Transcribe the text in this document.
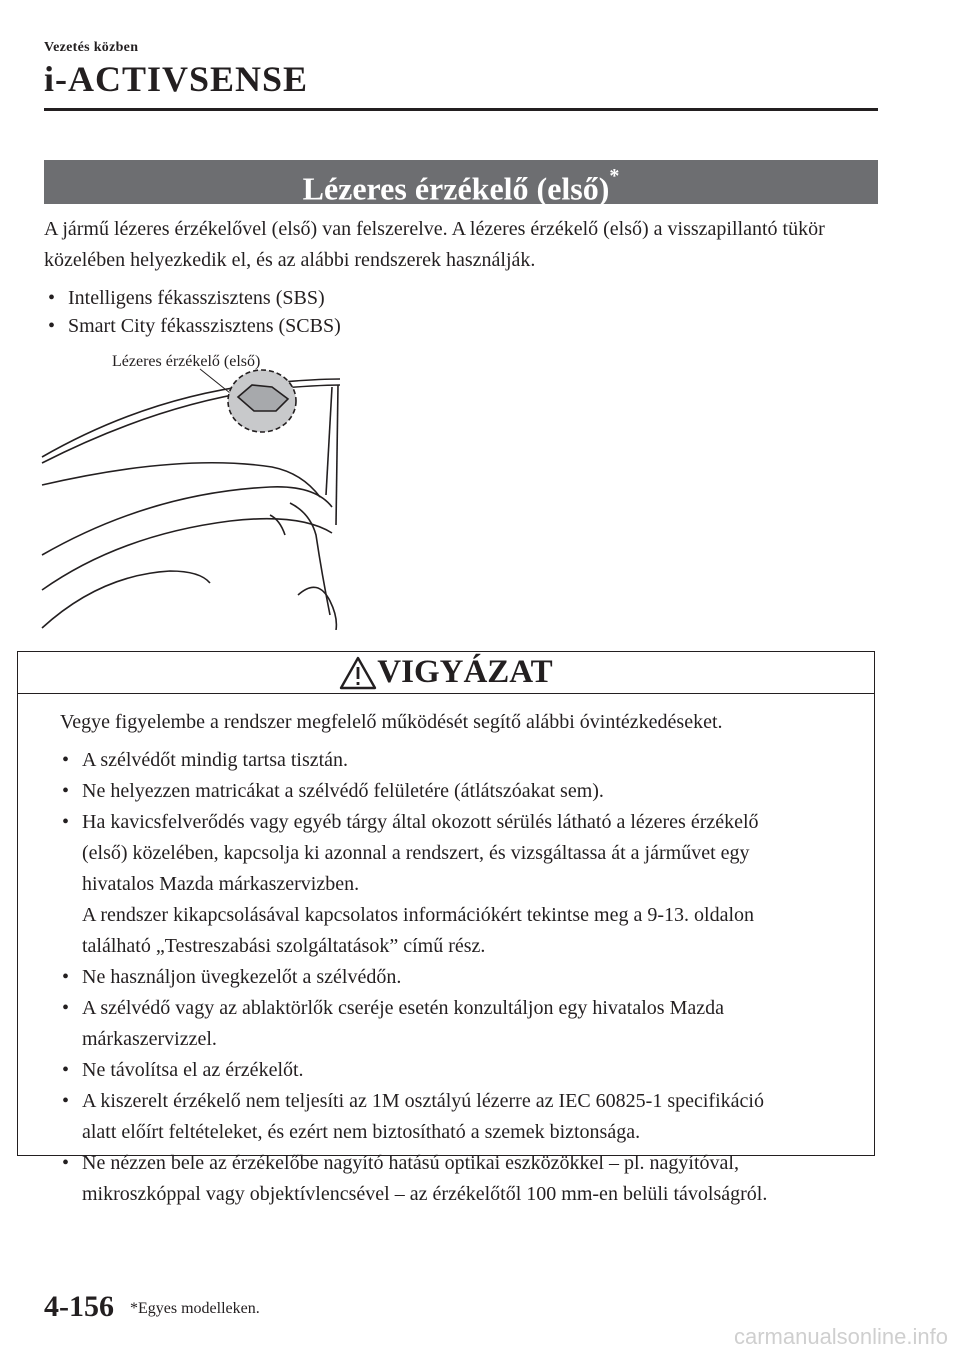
Vezetés közben
i-ACTIVSENSE
Lézeres érzékelő (első)*
A jármű lézeres érzékelővel (első) van felszerelve. A lézeres érzékelő (első) a visszapillantó tükör közelében helyezkedik el, és az alábbi rendszerek használják.
• Intelligens fékasszisztens (SBS)
• Smart City fékasszisztens (SCBS)
Lézeres érzékelő (első)
VIGYÁZAT
Vegye figyelembe a rendszer megfelelő működését segítő alábbi óvintézkedéseket.
• A szélvédőt mindig tartsa tisztán.
• Ne helyezzen matricákat a szélvédő felületére (átlátszóakat sem).
• Ha kavicsfelverődés vagy egyéb tárgy által okozott sérülés látható a lézeres érzékelő
(első) közelében, kapcsolja ki azonnal a rendszert, és vizsgáltassa át a járművet egy
hivatalos Mazda márkaszervizben.
A rendszer kikapcsolásával kapcsolatos információkért tekintse meg a 9-13. oldalon
található „Testreszabási szolgáltatások” című rész.
• Ne használjon üvegkezelőt a szélvédőn.
• A szélvédő vagy az ablaktörlők cseréje esetén konzultáljon egy hivatalos Mazda
márkaszervizzel.
• Ne távolítsa el az érzékelőt.
• A kiszerelt érzékelő nem teljesíti az 1M osztályú lézerre az IEC 60825-1 specifikáció
alatt előírt feltételeket, és ezért nem biztosítható a szemek biztonsága.
• Ne nézzen bele az érzékelőbe nagyító hatású optikai eszközökkel – pl. nagyítóval,
mikroszkóppal vagy objektívlencsével – az érzékelőtől 100 mm-en belüli távolságról.
4-156 *Egyes modelleken.
carmanualsonline.info
